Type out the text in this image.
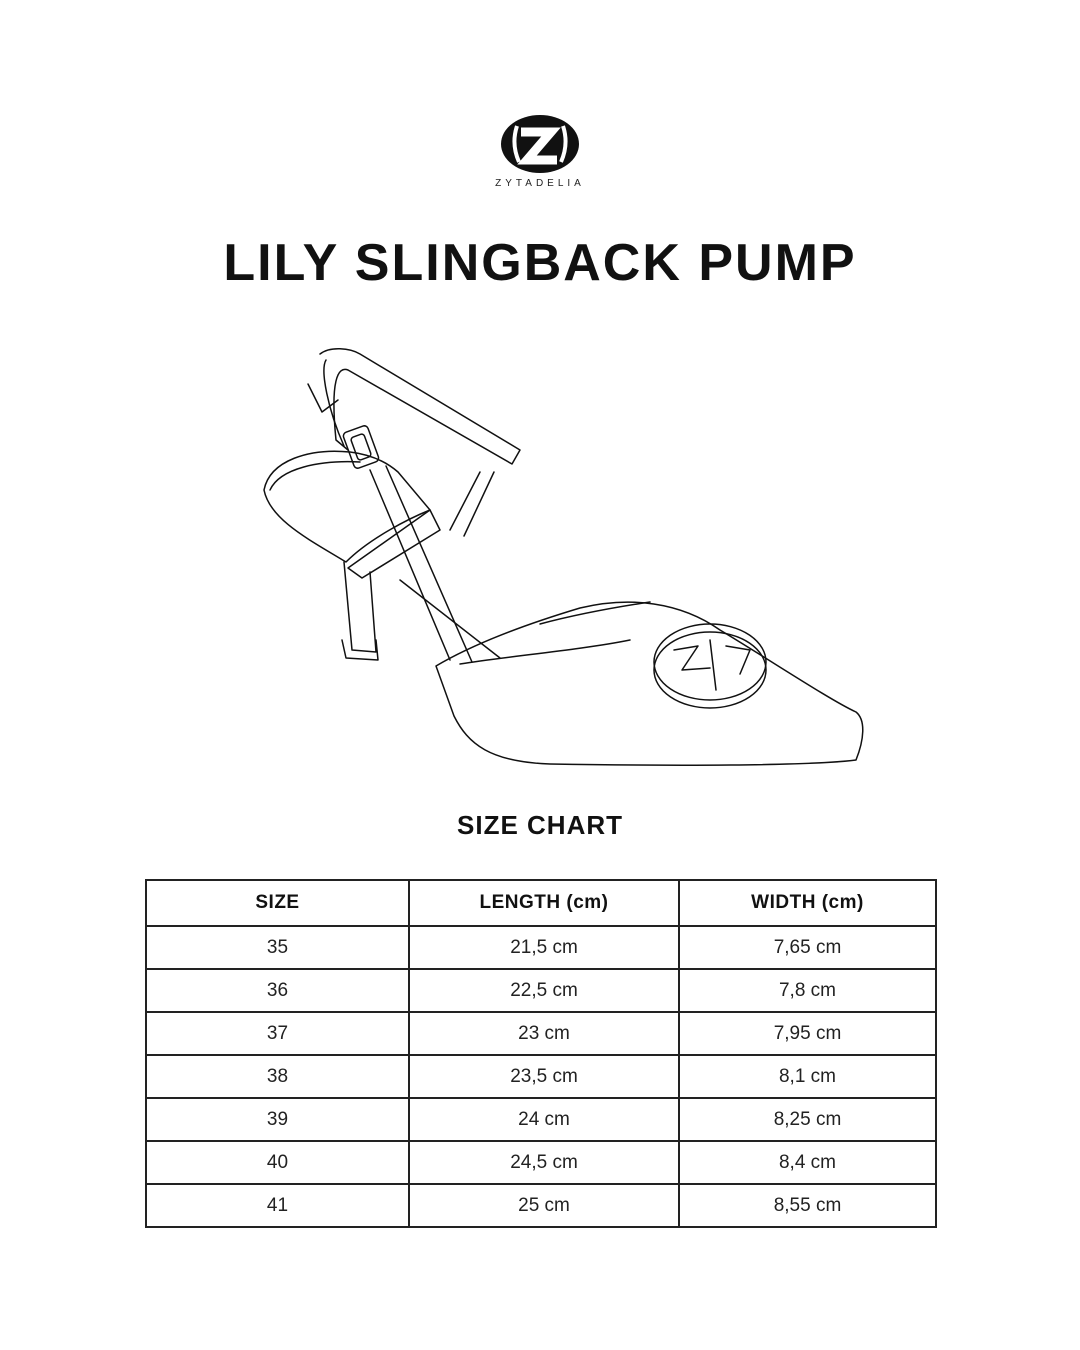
ZYTADELIA
LILY SLINGBACK PUMP
SIZE CHART
SIZE	LENGTH (cm)	WIDTH (cm)
35	21,5 cm	7,65 cm
36	22,5 cm	7,8 cm
37	23 cm	7,95 cm
38	23,5 cm	8,1 cm
39	24 cm	8,25 cm
40	24,5 cm	8,4 cm
41	25 cm	8,55 cm
